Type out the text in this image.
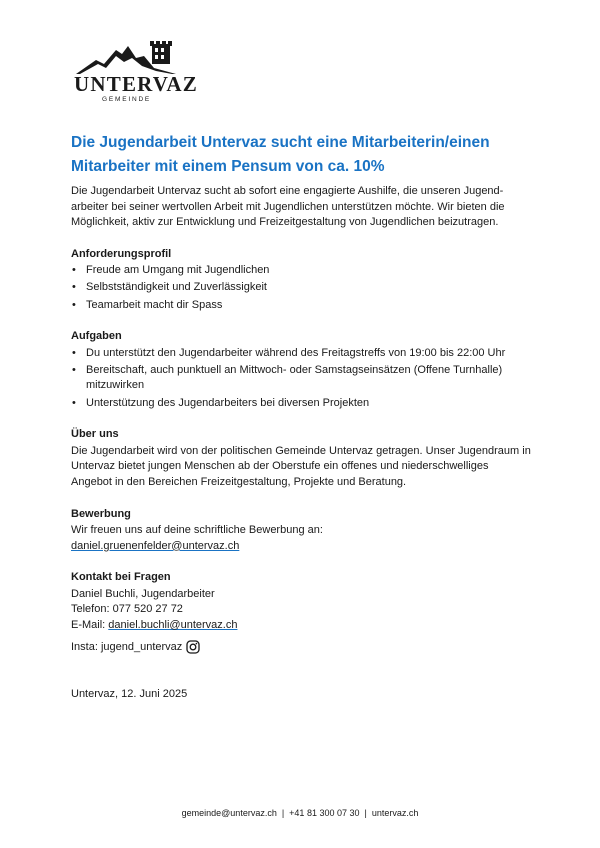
UNTERVAZ
GEMEINDE
Die Jugendarbeit Untervaz sucht eine Mitarbeiterin/einen Mitarbeiter mit einem Pensum von ca. 10%

Die Jugendarbeit Untervaz sucht ab sofort eine engagierte Aushilfe, die unseren Jugend-arbeiter bei seiner wertvollen Arbeit mit Jugendlichen unterstützen möchte. Wir bieten die Möglichkeit, aktiv zur Entwicklung und Freizeitgestaltung von Jugendlichen beizutragen.

Anforderungsprofil
• Freude am Umgang mit Jugendlichen
• Selbstständigkeit und Zuverlässigkeit
• Teamarbeit macht dir Spass
Aufgaben
• Du unterstützt den Jugendarbeiter während des Freitagstreffs von 19:00 bis 22:00 Uhr
• Bereitschaft, auch punktuell an Mittwoch- oder Samstagseinsätzen (Offene Turnhalle) mitzuwirken
• Unterstützung des Jugendarbeiters bei diversen Projekten
Über uns

Die Jugendarbeit wird von der politischen Gemeinde Untervaz getragen. Unser Jugendraum in Untervaz bietet jungen Menschen ab der Oberstufe ein offenes und niederschwelliges Angebot in den Bereichen Freizeitgestaltung, Projekte und Beratung.

Bewerbung
Wir freuen uns auf deine schriftliche Bewerbung an:
daniel.gruenenfelder@untervaz.ch
Kontakt bei Fragen
Daniel Buchli, Jugendarbeiter
Telefon: 077 520 27 72
E-Mail: daniel.buchli@untervaz.ch
Insta: jugend_untervaz

Untervaz, 12. Juni 2025

gemeinde@untervaz.ch  |  +41 81 300 07 30  |  untervaz.ch
